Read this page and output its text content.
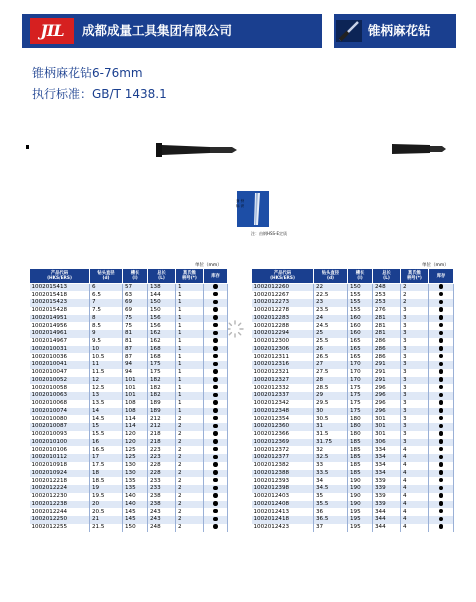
JIL	成都成量工具集团有限公司	锥柄麻花钻
锥柄麻花钻6-76mm
执行标准：GB/T 1438.1
身 份 标 识
注：由钢HSS-E定质
单位（mm）	单位（mm）
产品代码
(HKS/ERS)	钻头直径
(d)	槽长
(l)	总长
(L)	莫氏锥
柄号(*)	库存
1002015413	6	57	138	1	
1002015418	6.5	63	144	1	
1002015423	7	69	150	1	
1002015428	7.5	69	150	1	
1002014951	8	75	156	1	
1002014956	8.5	75	156	1	
1002014961	9	81	162	1	
1002014967	9.5	81	162	1	
1002010031	10	87	168	1	
1002010036	10.5	87	168	1	
1002010041	11	94	175	1	
1002010047	11.5	94	175	1	
1002010052	12	101	182	1	
1002010058	12.5	101	182	1	
1002010063	13	101	182	1	
1002010068	13.5	108	189	1	
1002010074	14	108	189	1	
1002010080	14.5	114	212	2	
1002010087	15	114	212	2	
1002010093	15.5	120	218	2	
1002010100	16	120	218	2	
1002010106	16.5	125	223	2	
1002010112	17	125	223	2	
1002010918	17.5	130	228	2	
1002010924	18	130	228	2	
1002012218	18.5	135	233	2	
1002012224	19	135	233	2	
1002012230	19.5	140	238	2	
1002012238	20	140	238	2	
1002012244	20.5	145	243	2	
1002012250	21	145	243	2	
1002012255	21.5	150	248	2	
产品代码
(HKS/ERS)	钻头直径
(d)	槽长
(l)	总长
(L)	莫氏锥
柄号(*)	库存
1002012260	22	150	248	2	
1002012267	22.5	155	253	2	
1002012273	23	155	253	2	
1002012278	23.5	155	276	3	
1002012283	24	160	281	3	
1002012288	24.5	160	281	3	
1002012294	25	160	281	3	
1002012300	25.5	165	286	3	
1002012306	26	165	286	3	
1002012311	26.5	165	286	3	
1002012316	27	170	291	3	
1002012321	27.5	170	291	3	
1002012327	28	170	291	3	
1002012332	28.5	175	296	3	
1002012337	29	175	296	3	
1002012342	29.5	175	296	3	
1002012348	30	175	296	3	
1002012354	30.5	180	301	3	
1002012360	31	180	301	3	
1002012366	31.5	180	301	3	
1002012369	31.75	185	306	3	
1002012372	32	185	334	4	
1002012377	32.5	185	334	4	
1002012382	33	185	334	4	
1002012388	33.5	185	334	4	
1002012393	34	190	339	4	
1002012398	34.5	190	339	4	
1002012403	35	190	339	4	
1002012408	35.5	190	339	4	
1002012413	36	195	344	4	
1002012418	36.5	195	344	4	
1002012423	37	195	344	4	
